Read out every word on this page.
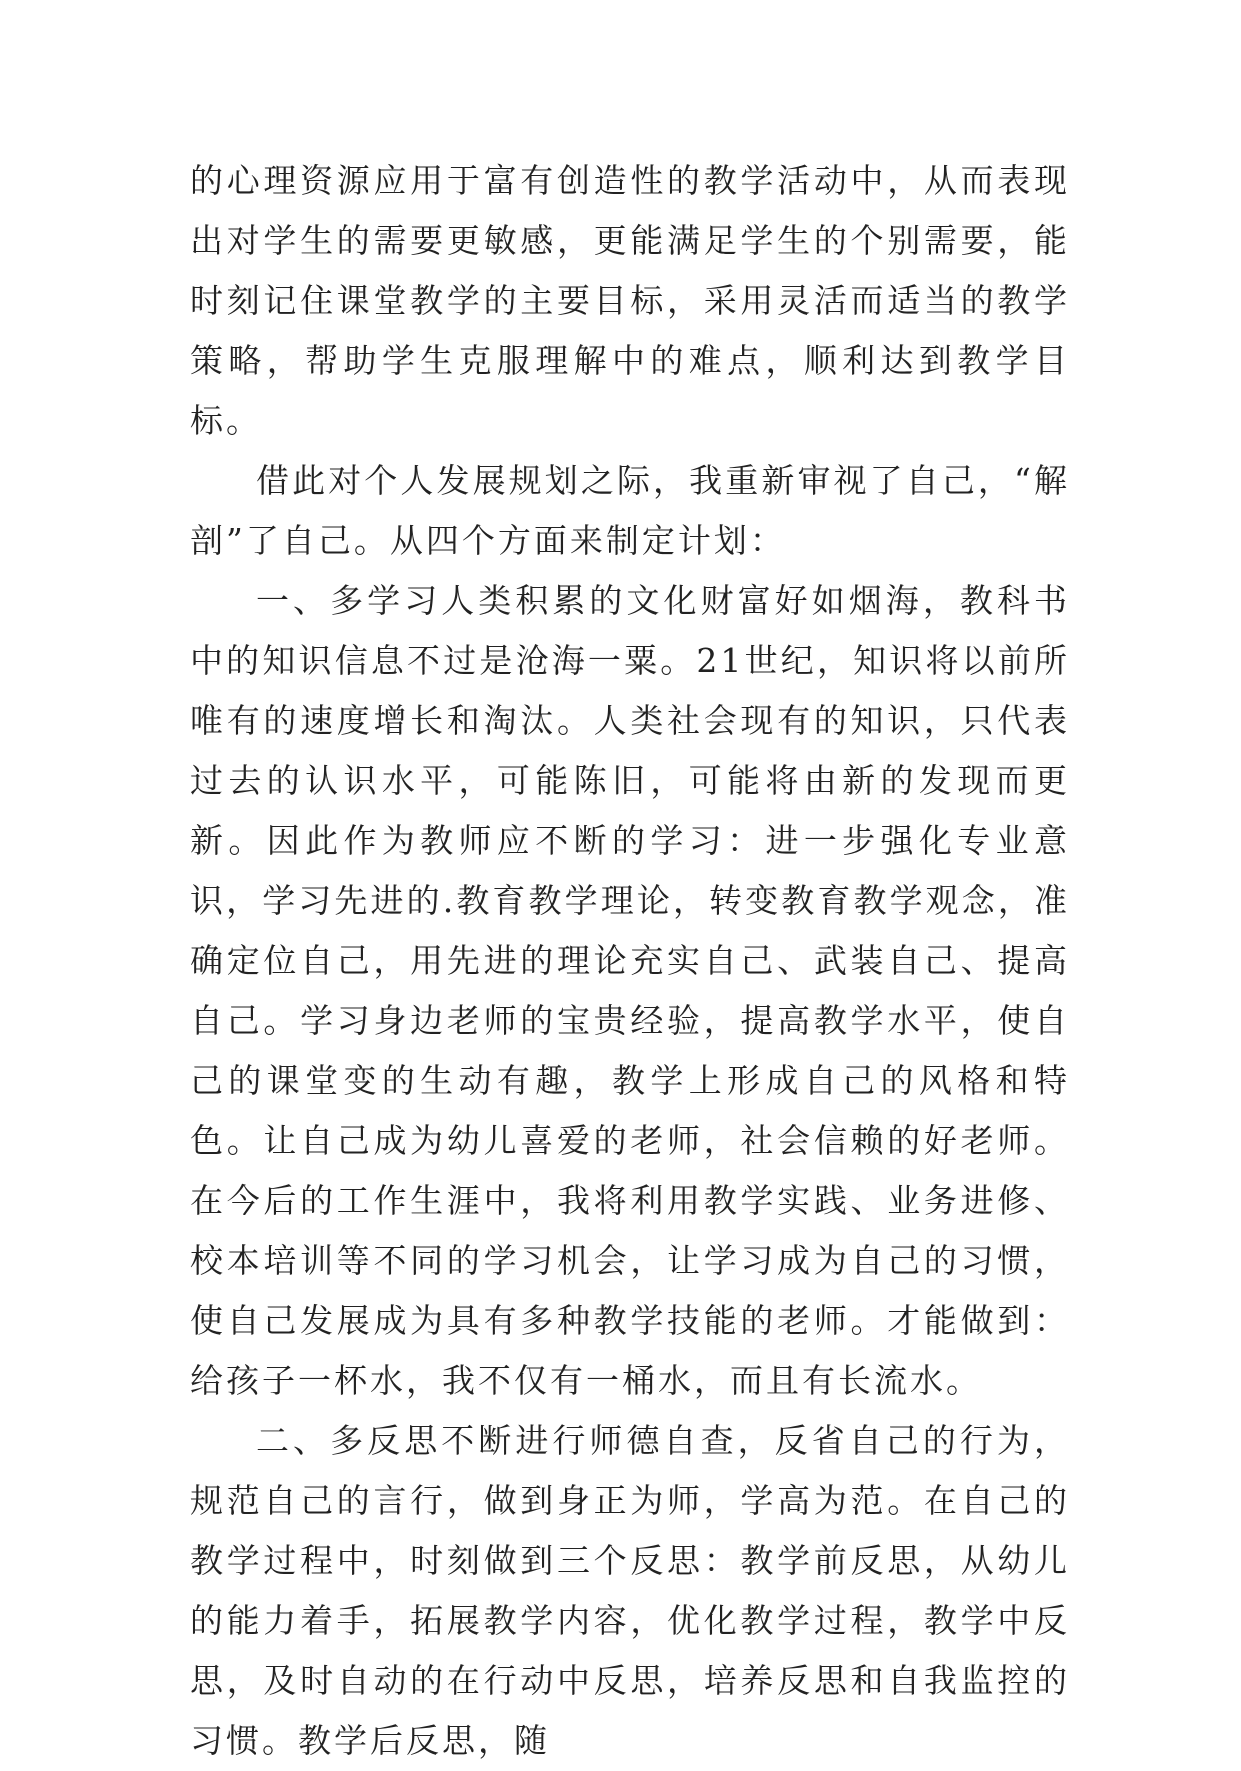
的心理资源应用于富有创造性的教学活动中，从而表现出对学生的需要更敏感，更能满足学生的个别需要，能时刻记住课堂教学的主要目标，采用灵活而适当的教学策略，帮助学生克服理解中的难点，顺利达到教学目标。

借此对个人发展规划之际，我重新审视了自己，“解剖”了自己。从四个方面来制定计划：

一、多学习人类积累的文化财富好如烟海，教科书中的知识信息不过是沧海一粟。21世纪，知识将以前所唯有的速度增长和淘汰。人类社会现有的知识，只代表过去的认识水平，可能陈旧，可能将由新的发现而更新。因此作为教师应不断的学习：进一步强化专业意识，学习先进的.教育教学理论，转变教育教学观念，准确定位自己，用先进的理论充实自己、武装自己、提高自己。学习身边老师的宝贵经验，提高教学水平，使自己的课堂变的生动有趣，教学上形成自己的风格和特色。让自己成为幼儿喜爱的老师，社会信赖的好老师。在今后的工作生涯中，我将利用教学实践、业务进修、校本培训等不同的学习机会，让学习成为自己的习惯，使自己发展成为具有多种教学技能的老师。才能做到：给孩子一杯水，我不仅有一桶水，而且有长流水。

二、多反思不断进行师德自查，反省自己的行为，规范自己的言行，做到身正为师，学高为范。在自己的教学过程中，时刻做到三个反思：教学前反思，从幼儿的能力着手，拓展教学内容，优化教学过程，教学中反思，及时自动的在行动中反思，培养反思和自我监控的习惯。教学后反思，随
